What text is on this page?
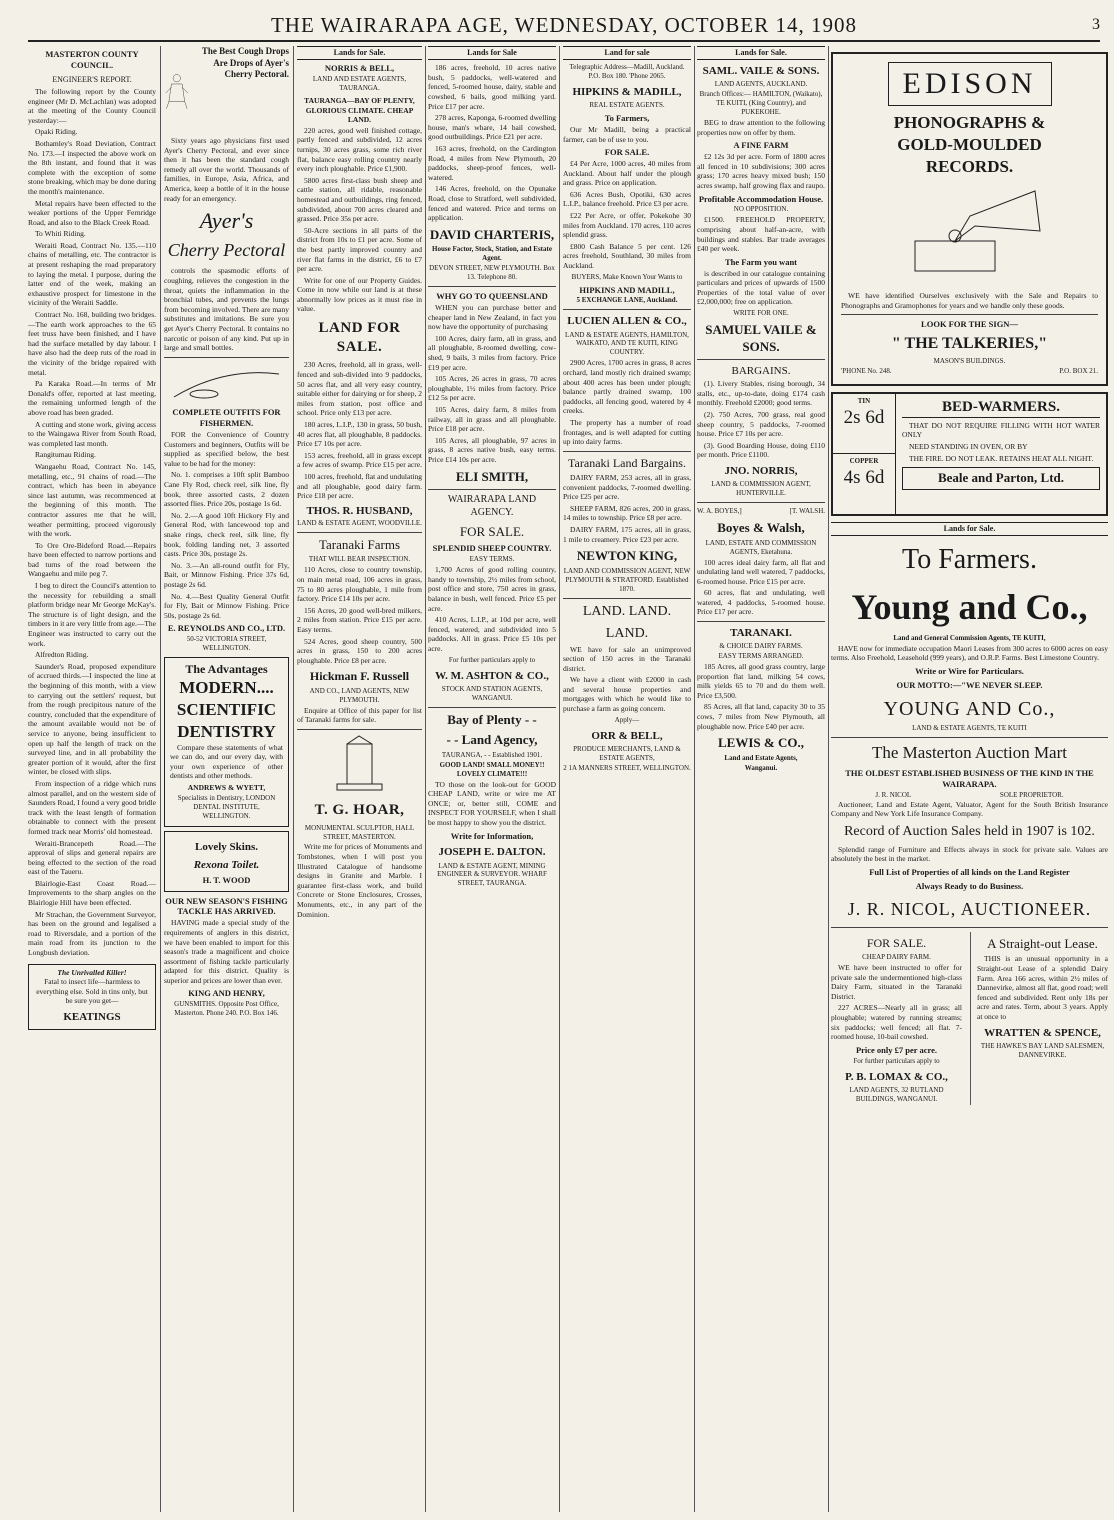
THE WAIRARAPA AGE, WEDNESDAY, OCTOBER 14, 1908	3
MASTERTON COUNTY COUNCIL.
ENGINEER'S REPORT.

The following report by the County engineer (Mr D. McLachlan) was adopted at the meeting of the County Council yesterday:—

Opaki Riding.

Bothamley's Road Deviation, Contract No. 173.—I inspected the above work on the 8th instant, and found that it was complete with the exception of some stone breaking, which may be done during the month's maintenance.

Metal repairs have been effected to the weaker portions of the Upper Fernridge Road, and also to the Black Creek Road.

To Whiti Riding.

Weraiti Road, Contract No. 135.—110 chains of metalling, etc. The contractor is at present reshaping the road preparatory to laying the metal. I purpose, during the latter end of the week, making an exhaustive prospect for limestone in the vicinity of the Weraiti Saddle.

Contract No. 168, building two bridges.—The earth work approaches to the 65 feet truss have been finished, and I have had the surface metalled by day labour. I have also had the deep ruts of the road in the vicinity of the bridge repaired with metal.

Pa Karaka Road.—In terms of Mr Donald's offer, reported at last meeting, the remaining unformed length of the above road has been graded.

A cutting and stone work, giving access to the Waingawa River from South Road, was completed last month.

Rangitumau Riding.

Wangaehu Road, Contract No. 145, metalling, etc., 91 chains of road.—The contract, which has been in abeyance since last autumn, was recommenced at the beginning of this month. The contractor assures me that he will, weather permitting, proceed vigorously with the work.

To Ore Ore-Bideford Road.—Repairs have been effected to narrow portions and bad turns of the road between the Wangaehu and mile peg 7.

I beg to direct the Council's attention to the necessity for rebuilding a small platform bridge near Mr George McKay's. The structure is of light design, and the timbers in it are very little from age.—The Engineer was instructed to carry out the work.

Alfredton Riding.

Saunder's Road, proposed expenditure of accrued thirds.—I inspected the line at the beginning of this month, with a view to carrying out the settlers' request, but from the rough precipitous nature of the country, concluded that the expenditure of the amount available would not be of service to anyone, being insufficient to open up half the length of track on the surveyed line, and in all probability the greater portion of it would, after the first winter, be closed with slips.

From inspection of a ridge which runs almost parallel, and on the western side of Saunders Road, I found a very good bridle track with the least length of formation obtainable to connect with the present formed track near Morris' old homestead.

Weraiti-Brancepeth Road.—The approval of slips and general repairs are being effected to the section of the road east of the Taueru.

Blairlogie-East Coast Road.—Improvements to the sharp angles on the Blairlogie Hill have been effected.

Mr Strachan, the Government Surveyor, has been on the ground and legalised a road to Riversdale, and a portion of the main road from its junction to the Longbush deviation.

The Unrivalled Killer!
Fatal to insect life—harmless to everything else. Sold in tins only, but be sure you get—
KEATINGS
The Best Cough Drops Are Drops of Ayer's Cherry Pectoral.

Sixty years ago physicians first used Ayer's Cherry Pectoral, and ever since then it has been the standard cough remedy all over the world. Thousands of families, in Europe, Asia, Africa, and America, keep a bottle of it in the house ready for an emergency.

Ayer's
Cherry Pectoral

controls the spasmodic efforts of coughing, relieves the congestion in the throat, quiets the inflammation in the bronchial tubes, and prevents the lungs from becoming involved. There are many substitutes and imitations. Be sure you get Ayer's Cherry Pectoral. It contains no narcotic or poison of any kind. Put up in large and small bottles.

COMPLETE OUTFITS FOR FISHERMEN.

FOR the Convenience of Country Customers and beginners, Outfits will be supplied as specified below, the best value to be had for the money:

No. 1. comprises a 10ft split Bamboo Cane Fly Rod, check reel, silk line, fly book, three assorted casts, 2 dozen assorted flies. Price 20s, postage 1s 6d.

No. 2.—A good 10ft Hickory Fly and General Rod, with lancewood top and snake rings, check reel, silk line, fly book, folding landing net, 3 assorted casts. Price 30s, postage 2s.

No. 3.—An all-round outfit for Fly, Bait, or Minnow Fishing. Price 37s 6d, postage 2s 6d.

No. 4.—Best Quality General Outfit for Fly, Bait or Minnow Fishing. Price 50s, postage 2s 6d.

E. REYNOLDS AND CO., LTD.
50-52 VICTORIA STREET, WELLINGTON.
The Advantages
MODERN....
SCIENTIFIC
DENTISTRY

Compare these statements of what we can do, and our every day, with your own experience of other dentists and other methods.

ANDREWS & WYETT,
Specialists in Dentistry, LONDON DENTAL INSTITUTE, WELLINGTON.
Lovely Skins.
Rexona Toilet.
H. T. WOOD
OUR NEW SEASON'S FISHING TACKLE HAS ARRIVED.

HAVING made a special study of the requirements of anglers in this district, we have been enabled to import for this season's trade a magnificent and choice assortment of fishing tackle particularly adapted for this district. Quality is superior and prices are lower than ever.

KING AND HENRY,
GUNSMITHS. Opposite Post Office, Masterton. Phone 240. P.O. Box 146.
Lands for Sale.
NORRIS & BELL,
LAND AND ESTATE AGENTS, TAURANGA.
TAURANGA—BAY OF PLENTY, GLORIOUS CLIMATE. CHEAP LAND.

220 acres, good well finished cottage, partly fenced and subdivided, 12 acres turnips, 30 acres grass, some rich river flat, balance easy rolling country nearly every inch ploughable. Price £1,900.

5800 acres first-class bush sheep and cattle station, all ridable, reasonable homestead and outbuildings, ring fenced, subdivided, about 700 acres cleared and grassed. Price 35s per acre.

50-Acre sections in all parts of the district from 10s to £1 per acre. Some of the best partly improved country and river flat farms in the district, £6 to £7 per acre.

Write for one of our Property Guides. Come in now while our land is at these abnormally low prices as it must rise in value.

LAND FOR SALE.

230 Acres, freehold, all in grass, well-fenced and sub-divided into 9 paddocks, 50 acres flat, and all very easy country, suitable either for dairying or for sheep, 2 miles from station, post office and school. Price only £13 per acre.

180 acres, L.I.P., 130 in grass, 50 bush, 40 acres flat, all ploughable, 8 paddocks. Price £7 10s per acre.

153 acres, freehold, all in grass except a few acres of swamp. Price £15 per acre.

100 acres, freehold, flat and undulating and all ploughable, good dairy farm. Price £18 per acre.

THOS. R. HUSBAND,
LAND & ESTATE AGENT, WOODVILLE.
Taranaki Farms
THAT WILL BEAR INSPECTION.

110 Acres, close to country township, on main metal road, 106 acres in grass, 75 to 80 acres ploughable, 1 mile from factory. Price £14 10s per acre.

156 Acres, 20 good well-bred milkers, 2 miles from station. Price £15 per acre. Easy terms.

524 Acres, good sheep country, 500 acres in grass, 150 to 200 acres ploughable. Price £8 per acre.

Hickman F. Russell
AND CO., LAND AGENTS, NEW PLYMOUTH.

Enquire at Office of this paper for list of Taranaki farms for sale.

T. G. HOAR,
MONUMENTAL SCULPTOR, HALL STREET, MASTERTON.

Write me for prices of Monuments and Tombstones, when I will post you Illustrated Catalogue of handsome designs in Granite and Marble. I guarantee first-class work, and build Concrete or Stone Enclosures, Crosses, Monuments, etc., in any part of the Dominion.

Lands for Sale

186 acres, freehold, 10 acres native bush, 5 paddocks, well-watered and fenced, 5-roomed house, dairy, stable and cowshed, 6 bails, good milking yard. Price £17 per acre.

278 acres, Kaponga, 6-roomed dwelling house, man's whare, 14 bail cowshed, good outbuildings. Price £21 per acre.

163 acres, freehold, on the Cardington Road, 4 miles from New Plymouth, 20 paddocks, sheep-proof fences, well-watered.

146 Acres, freehold, on the Opunake Road, close to Stratford, well subdivided, fenced and watered. Price and terms on application.

DAVID CHARTERIS,
House Factor, Stock, Station, and Estate Agent.
DEVON STREET, NEW PLYMOUTH. Box 13. Telephone 80.
WHY GO TO QUEENSLAND

WHEN you can purchase better and cheaper land in New Zealand, in fact you now have the opportunity of purchasing

100 Acres, dairy farm, all in grass, and all ploughable, 8-roomed dwelling, cow-shed, 9 bails, 3 miles from factory. Price £19 per acre.

105 Acres, 26 acres in grass, 70 acres ploughable, 1½ miles from factory. Price £12 5s per acre.

105 Acres, dairy farm, 8 miles from railway, all in grass and all ploughable. Price £18 per acre.

105 Acres, all ploughable, 97 acres in grass, 8 acres native bush, easy terms. Price £14 10s per acre.

ELI SMITH,
WAIRARAPA LAND AGENCY.
FOR SALE.
SPLENDID SHEEP COUNTRY.
EASY TERMS.

1,700 Acres of good rolling country, handy to township, 2½ miles from school, post office and store, 750 acres in grass, balance in bush, well fenced. Price £5 per acre.

410 Acres, L.I.P., at 10d per acre, well fenced, watered, and subdivided into 5 paddocks. All in grass. Price £5 10s per acre.

For further particulars apply to
W. M. ASHTON & CO.,
STOCK AND STATION AGENTS, WANGANUI.
Bay of Plenty - -
- - Land Agency,
TAURANGA, - - Established 1901.
GOOD LAND! SMALL MONEY!! LOVELY CLIMATE!!!

TO those on the look-out for GOOD CHEAP LAND, write or wire me AT ONCE; or, better still, COME and INSPECT FOR YOURSELF, when I shall be most happy to show you the district.

Write for Information,
JOSEPH E. DALTON.
LAND & ESTATE AGENT, MINING ENGINEER & SURVEYOR. WHARF STREET, TAURANGA.
Land for sale
Telegraphic Address—Madill, Auckland. P.O. Box 180. 'Phone 2065.
HIPKINS & MADILL,
REAL ESTATE AGENTS.
To Farmers,

Our Mr Madill, being a practical farmer, can be of use to you.

FOR SALE.

£4 Per Acre, 1000 acres, 40 miles from Auckland. About half under the plough and grass. Price on application.

636 Acres Bush, Opotiki, 630 acres L.I.P., balance freehold. Price £3 per acre.

£22 Per Acre, or offer, Pokekohe 30 miles from Auckland. 170 acres, 110 acres splendid grass.

£800 Cash Balance 5 per cent. 126 acres freehold, Southland, 30 miles from Auckland.

BUYERS, Make Known Your Wants to
HIPKINS AND MADILL,
5 EXCHANGE LANE, Auckland.
LUCIEN ALLEN & CO.,
LAND & ESTATE AGENTS, HAMILTON, WAIKATO, AND TE KUITI, KING COUNTRY.

2900 Acres, 1700 acres in grass, 8 acres orchard, land mostly rich drained swamp; about 400 acres has been under plough; balance partly drained swamp, 100 paddocks, all fencing good, watered by 4 creeks.

The property has a number of road frontages, and is well adapted for cutting up into dairy farms.

Taranaki Land Bargains.

DAIRY FARM, 253 acres, all in grass, convenient paddocks, 7-roomed dwelling. Price £25 per acre.

SHEEP FARM, 826 acres, 200 in grass, 14 miles to township. Price £8 per acre.

DAIRY FARM, 175 acres, all in grass, 1 mile to creamery. Price £23 per acre.

NEWTON KING,
LAND AND COMMISSION AGENT, NEW PLYMOUTH & STRATFORD. Established 1870.
LAND. LAND.
LAND.

WE have for sale an unimproved section of 150 acres in the Taranaki district.

We have a client with £2000 in cash and several house properties and mortgages with which he would like to purchase a farm as going concern.

Apply—
ORR & BELL,
PRODUCE MERCHANTS, LAND & ESTATE AGENTS,
2 1A MANNERS STREET, WELLINGTON.
Lands for Sale.
SAML. VAILE & SONS.
LAND AGENTS, AUCKLAND.
Branch Offices:— HAMILTON, (Waikato), TE KUITI, (King Country), and PUKEKOHE.

BEG to draw attention to the following properties now on offer by them.

A FINE FARM

£2 12s 3d per acre. Form of 1800 acres all fenced in 10 subdivisions; 300 acres grass; 170 acres heavy mixed bush; 150 acres swamp, half growing flax and raupo.

Profitable Accommodation House.
NO OPPOSITION.

£1500. FREEHOLD PROPERTY, comprising about half-an-acre, with buildings and stables. Bar trade averages £40 per week.

The Farm you want

is described in our catalogue containing particulars and prices of upwards of 1500 Properties of the total value of over £2,000,000; free on application.

WRITE FOR ONE.
SAMUEL VAILE & SONS.
BARGAINS.

(1). Livery Stables, rising borough, 34 stalls, etc., up-to-date, doing £174 cash monthly. Freehold £2000; good terms.

(2). 750 Acres, 700 grass, real good sheep country, 5 paddocks, 7-roomed house. Price £7 10s per acre.

(3). Good Boarding House, doing £110 per month. Price £1100.

JNO. NORRIS,
LAND & COMMISSION AGENT, HUNTERVILLE.
W. A. BOYES,]	[T. WALSH.
Boyes & Walsh,
LAND, ESTATE AND COMMISSION AGENTS, Eketahuna.

100 acres ideal dairy farm, all flat and undulating land well watered, 7 paddocks, 6-roomed house. Price £15 per acre.

60 acres, flat and undulating, well watered, 4 paddocks, 5-roomed house. Price £17 per acre.

TARANAKI.
& CHOICE DAIRY FARMS.
EASY TERMS ARRANGED.

185 Acres, all good grass country, large proportion flat land, milking 54 cows, milk yields 65 to 70 and do them well. Price £3,500.

85 Acres, all flat land, capacity 30 to 35 cows, 7 miles from New Plymouth, all ploughable now. Price £40 per acre.

LEWIS & CO.,
Land and Estate Agents,
Wanganui.
EDISON
PHONOGRAPHS &
GOLD-MOULDED
RECORDS.

WE have identified Ourselves exclusively with the Sale and Repairs to Phonographs and Gramophones for years and we handle only these goods.

LOOK FOR THE SIGN—
" THE TALKERIES,"
MASON'S BUILDINGS.
'PHONE No. 248.	P.O. BOX 21.
TIN
2s 6d
COPPER
4s 6d
BED-WARMERS.

THAT DO NOT REQUIRE FILLING WITH HOT WATER ONLY

NEED STANDING IN OVEN, OR BY

THE FIRE. DO NOT LEAK. RETAINS HEAT ALL NIGHT.

Beale and Parton, Ltd.
Lands for Sale.
To Farmers.
Young and Co.,
Land and General Commission Agents, TE KUITI,

HAVE now for immediate occupation Maori Leases from 300 acres to 6000 acres on easy terms. Also Freehold, Leasehold (999 years), and O.R.P. Farms. Best Limestone Country.

Write or Wire for Particulars.
OUR MOTTO:—"WE NEVER SLEEP.
YOUNG AND Co.,
LAND & ESTATE AGENTS, TE KUITI
The Masterton Auction Mart
THE OLDEST ESTABLISHED BUSINESS OF THE KIND IN THE WAIRARAPA.
J. R. NICOL	SOLE PROPRIETOR.

Auctioneer, Land and Estate Agent, Valuator, Agent for the South British Insurance Company and New York Life Insurance Company.

Record of Auction Sales held in 1907 is 102.

Splendid range of Furniture and Effects always in stock for private sale. Values are absolutely the best in the market.

Full List of Properties of all kinds on the Land Register
Always Ready to do Business.
J. R. NICOL, AUCTIONEER.
FOR SALE.
CHEAP DAIRY FARM.

WE have been instructed to offer for private sale the undermentioned high-class Dairy Farm, situated in the Taranaki District.

227 ACRES—Nearly all in grass; all ploughable; watered by running streams; six paddocks; well fenced; all flat. 7-roomed house, 10-bail cowshed.

Price only £7 per acre.
For further particulars apply to
P. B. LOMAX & CO.,
LAND AGENTS, 32 RUTLAND BUILDINGS, WANGANUI.
A Straight-out Lease.

THIS is an unusual opportunity in a Straight-out Lease of a splendid Dairy Farm. Area 166 acres, within 2½ miles of Dannevirke, almost all flat, good road; well fenced and subdivided. Rent only 18s per acre and rates. Term, about 3 years. Apply at once to

WRATTEN & SPENCE,
THE HAWKE'S BAY LAND SALESMEN, DANNEVIRKE.
